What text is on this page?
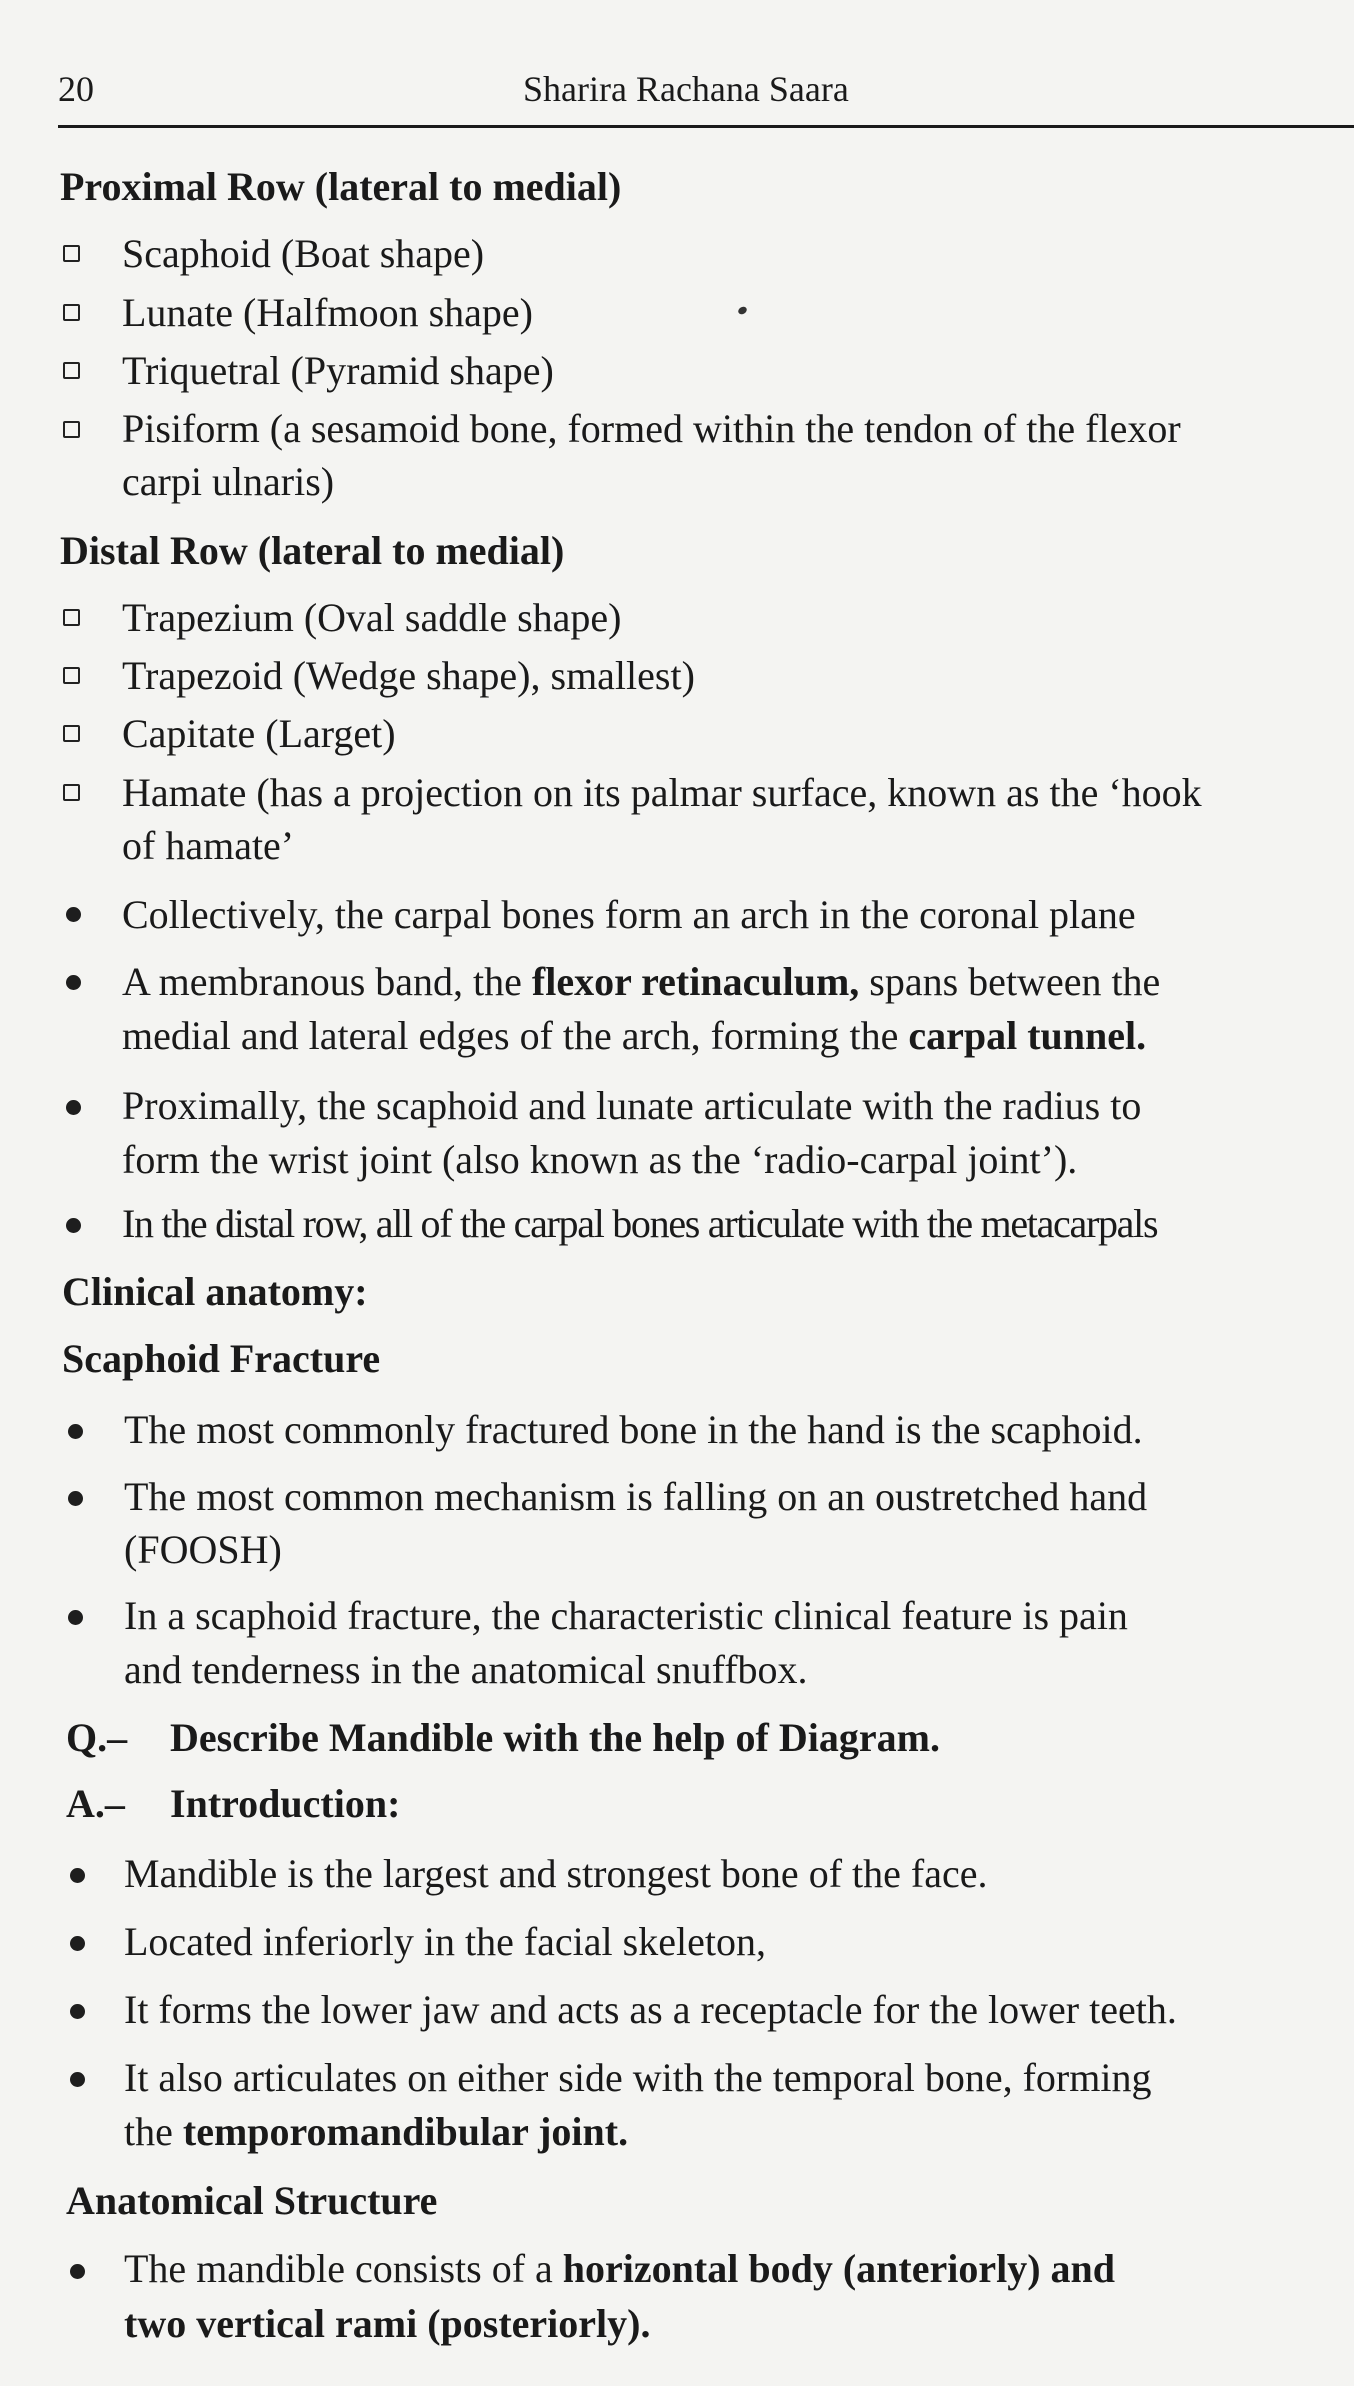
20	Sharira Rachana Saara
Proximal Row (lateral to medial)
Scaphoid (Boat shape)
Lunate (Halfmoon shape)
Triquetral (Pyramid shape)
Pisiform (a sesamoid bone, formed within the tendon of the flexor
carpi ulnaris)
Distal Row (lateral to medial)
Trapezium (Oval saddle shape)
Trapezoid (Wedge shape), smallest)
Capitate (Larget)
Hamate (has a projection on its palmar surface, known as the ‘hook
of hamate’
Collectively, the carpal bones form an arch in the coronal plane
A membranous band, the flexor retinaculum, spans between the
medial and lateral edges of the arch, forming the carpal tunnel.
Proximally, the scaphoid and lunate articulate with the radius to
form the wrist joint (also known as the ‘radio-carpal joint’).
In the distal row, all of the carpal bones articulate with the metacarpals
Clinical anatomy:
Scaphoid Fracture
The most commonly fractured bone in the hand is the scaphoid.
The most common mechanism is falling on an oustretched hand
(FOOSH)
In a scaphoid fracture, the characteristic clinical feature is pain
and tenderness in the anatomical snuffbox.
Q.– Describe Mandible with the help of Diagram.
A.– Introduction:
Mandible is the largest and strongest bone of the face.
Located inferiorly in the facial skeleton,
It forms the lower jaw and acts as a receptacle for the lower teeth.
It also articulates on either side with the temporal bone, forming
the temporomandibular joint.
Anatomical Structure
The mandible consists of a horizontal body (anteriorly) and
two vertical rami (posteriorly).
